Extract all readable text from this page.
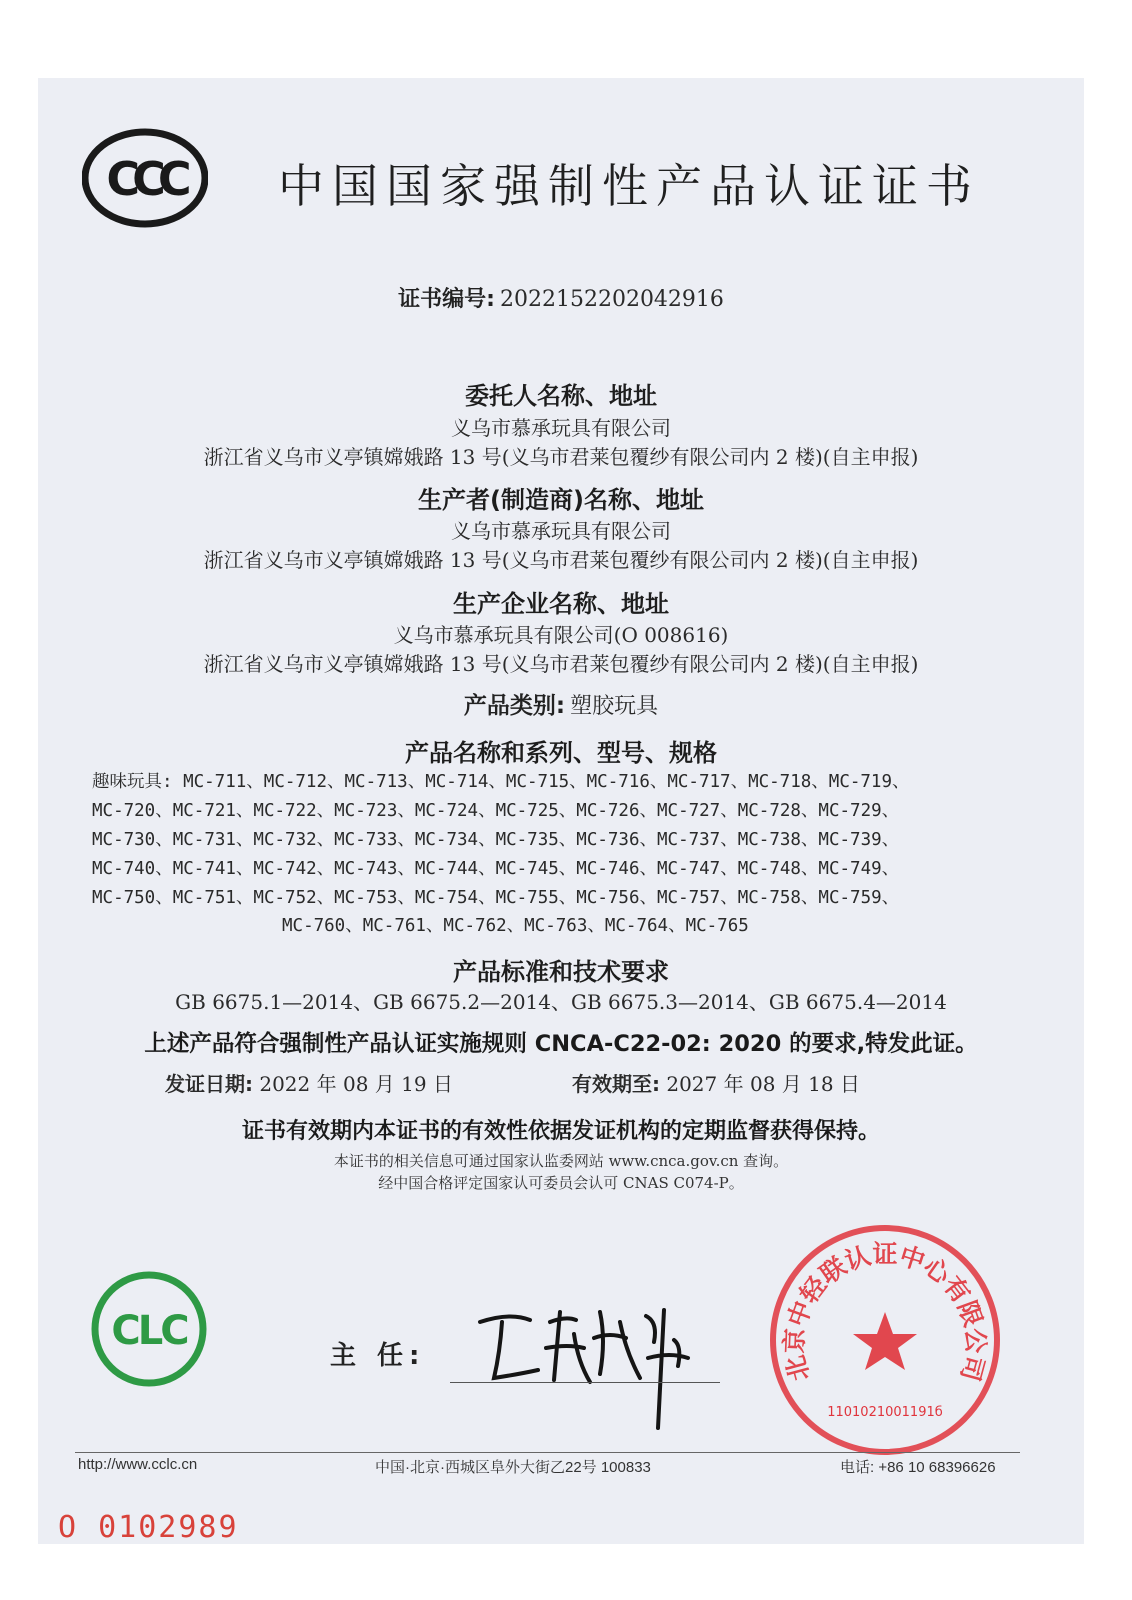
CCC 中国国家强制性产品认证证书
证书编号: 2022152202042916
委托人名称、地址
义乌市慕承玩具有限公司
浙江省义乌市义亭镇嫦娥路 13 号(义乌市君莱包覆纱有限公司内 2 楼)(自主申报)
生产者(制造商)名称、地址
义乌市慕承玩具有限公司
浙江省义乌市义亭镇嫦娥路 13 号(义乌市君莱包覆纱有限公司内 2 楼)(自主申报)
生产企业名称、地址
义乌市慕承玩具有限公司(O 008616)
浙江省义乌市义亭镇嫦娥路 13 号(义乌市君莱包覆纱有限公司内 2 楼)(自主申报)
产品类别: 塑胶玩具
产品名称和系列、型号、规格
趣味玩具: MC-711、MC-712、MC-713、MC-714、MC-715、MC-716、MC-717、MC-718、MC-719、
MC-720、MC-721、MC-722、MC-723、MC-724、MC-725、MC-726、MC-727、MC-728、MC-729、
MC-730、MC-731、MC-732、MC-733、MC-734、MC-735、MC-736、MC-737、MC-738、MC-739、
MC-740、MC-741、MC-742、MC-743、MC-744、MC-745、MC-746、MC-747、MC-748、MC-749、
MC-750、MC-751、MC-752、MC-753、MC-754、MC-755、MC-756、MC-757、MC-758、MC-759、
MC-760、MC-761、MC-762、MC-763、MC-764、MC-765
产品标准和技术要求
GB 6675.1—2014、GB 6675.2—2014、GB 6675.3—2014、GB 6675.4—2014
上述产品符合强制性产品认证实施规则 CNCA-C22-02: 2020 的要求,特发此证。
发证日期: 2022 年 08 月 19 日	有效期至: 2027 年 08 月 18 日
证书有效期内本证书的有效性依据发证机构的定期监督获得保持。
本证书的相关信息可通过国家认监委网站 www.cnca.gov.cn 查询。
经中国合格评定国家认可委员会认可 CNAS C074-P。
CLC
主 任:	北京中轻联认证中心有限公司
1101021001191б
http://www.cclc.cn	中国·北京·西城区阜外大街乙22号 100833	电话: +86 10 68396626
O 0102989
